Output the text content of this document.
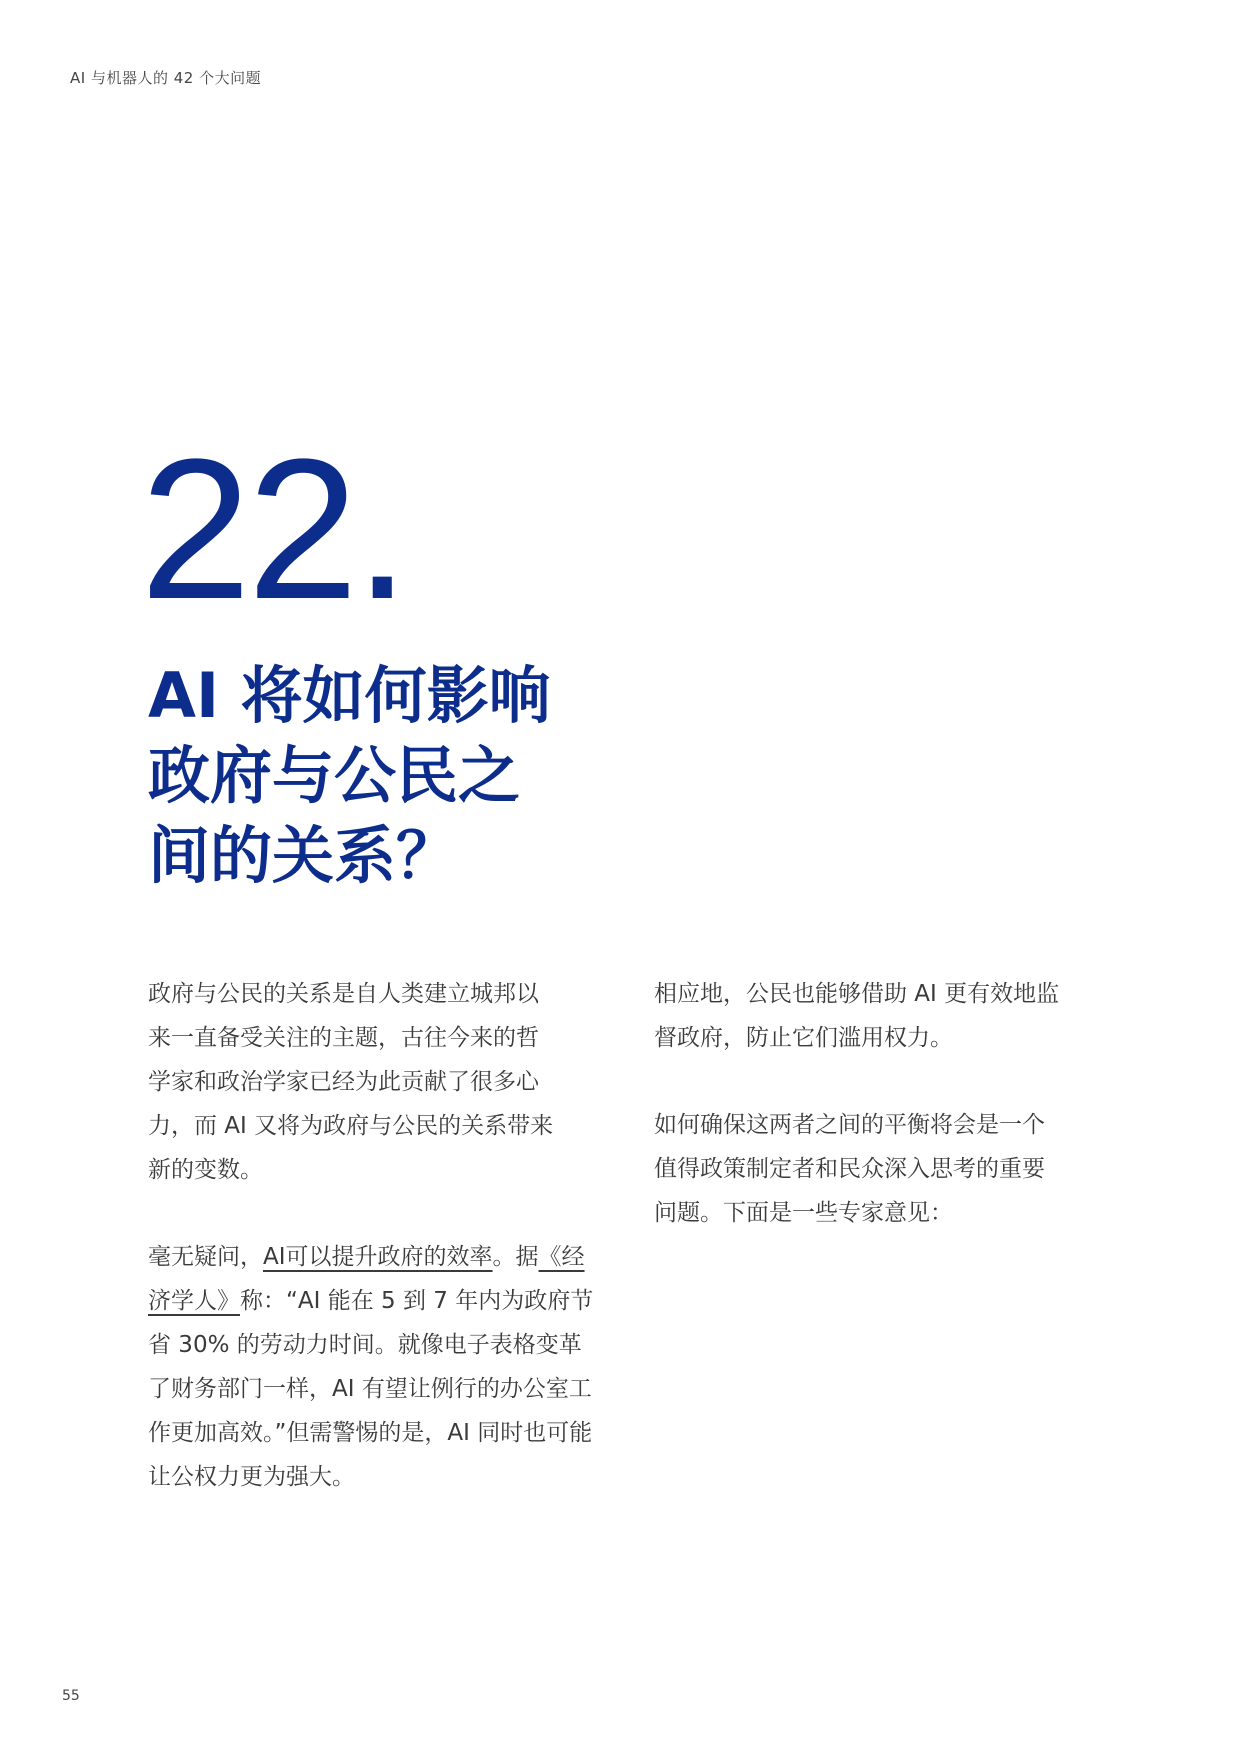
AI 与机器人的 42 个大问题
22.
AI 将如何影响
政府与公民之
间的关系？

政府与公民的关系是自人类建立城邦以
来一直备受关注的主题，古往今来的哲
学家和政治学家已经为此贡献了很多心
力，而 AI 又将为政府与公民的关系带来
新的变数。

毫无疑问，AI可以提升政府的效率。据《经济学人》称：“AI 能在 5 到 7 年内为政府节省 30% 的劳动力时间。就像电子表格变革了财务部门一样，AI 有望让例行的办公室工作更加高效。”但需警惕的是，AI 同时也可能让公权力更为强大。

相应地，公民也能够借助 AI 更有效地监
督政府，防止它们滥用权力。

如何确保这两者之间的平衡将会是一个
值得政策制定者和民众深入思考的重要
问题。下面是一些专家意见：

55
